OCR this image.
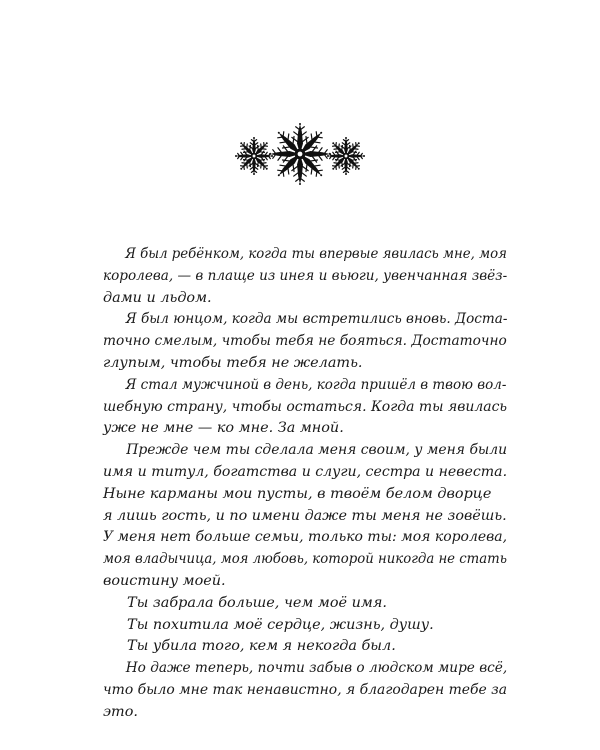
Я был ребёнком, когда ты впервые явилась мне, моя
королева, — в плаще из инея и вьюги, увенчанная звёз-
дами и льдом.
Я был юнцом, когда мы встретились вновь. Доста-
точно смелым, чтобы тебя не бояться. Достаточно
глупым, чтобы тебя не желать.
Я стал мужчиной в день, когда пришёл в твою вол-
шебную страну, чтобы остаться. Когда ты явилась
уже не мне — ко мне. За мной.
Прежде чем ты сделала меня своим, у меня были
имя и титул, богатства и слуги, сестра и невеста.
Ныне карманы мои пусты, в твоём белом дворце
я лишь гость, и по имени даже ты меня не зовёшь.
У меня нет больше семьи, только ты: моя королева,
моя владычица, моя любовь, которой никогда не стать
воистину моей.
Ты забрала больше, чем моё имя.
Ты похитила моё сердце, жизнь, душу.
Ты убила того, кем я некогда был.
Но даже теперь, почти забыв о людском мире всё,
что было мне так ненавистно, я благодарен тебе за
это.
